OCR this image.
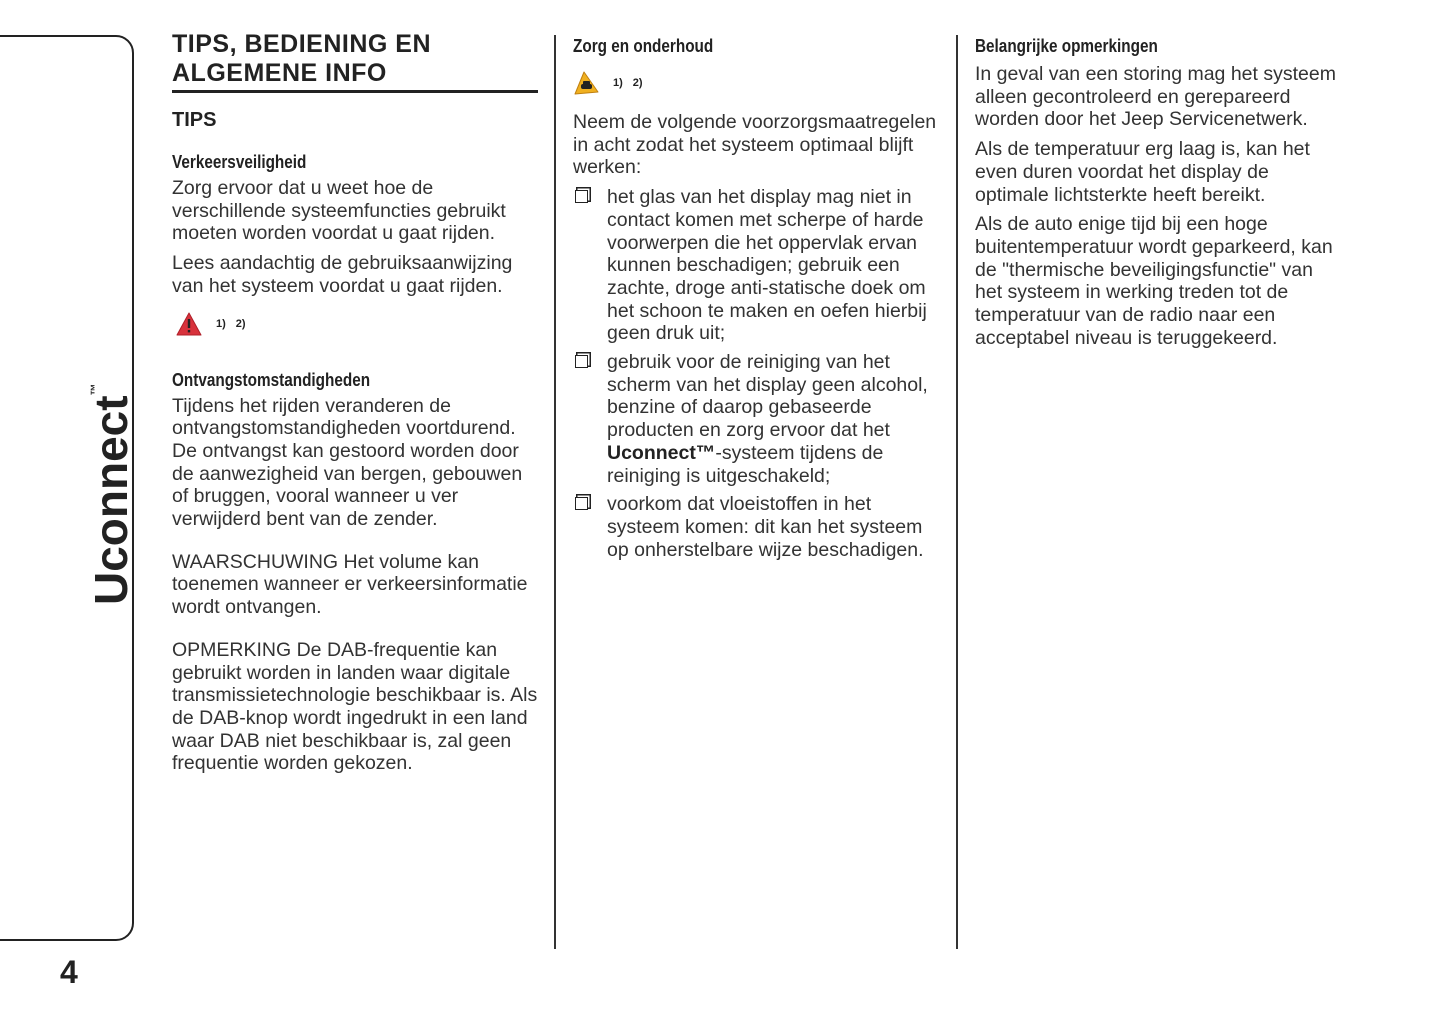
Uconnect™
4
TIPS, BEDIENING EN ALGEMENE INFO
TIPS
Verkeersveiligheid

Zorg ervoor dat u weet hoe de verschillende systeemfuncties gebruikt moeten worden voordat u gaat rijden.

Lees aandachtig de gebruiksaanwijzing van het systeem voordat u gaat rijden.

1) 2)
Ontvangstomstandigheden

Tijdens het rijden veranderen de ontvangstomstandigheden voortdurend. De ontvangst kan gestoord worden door de aanwezigheid van bergen, gebouwen of bruggen, vooral wanneer u ver verwijderd bent van de zender.

WAARSCHUWING Het volume kan toenemen wanneer er verkeersinformatie wordt ontvangen.

OPMERKING De DAB-frequentie kan gebruikt worden in landen waar digitale transmissietechnologie beschikbaar is. Als de DAB-knop wordt ingedrukt in een land waar DAB niet beschikbaar is, zal geen frequentie worden gekozen.

Zorg en onderhoud
1) 2)

Neem de volgende voorzorgsmaatregelen in acht zodat het systeem optimaal blijft werken:

het glas van het display mag niet in contact komen met scherpe of harde voorwerpen die het oppervlak ervan kunnen beschadigen; gebruik een zachte, droge anti-statische doek om het schoon te maken en oefen hierbij geen druk uit;

gebruik voor de reiniging van het scherm van het display geen alcohol, benzine of daarop gebaseerde producten en zorg ervoor dat het Uconnect™-systeem tijdens de reiniging is uitgeschakeld;

voorkom dat vloeistoffen in het systeem komen: dit kan het systeem op onherstelbare wijze beschadigen.

Belangrijke opmerkingen

In geval van een storing mag het systeem alleen gecontroleerd en gerepareerd worden door het Jeep Servicenetwerk.

Als de temperatuur erg laag is, kan het even duren voordat het display de optimale lichtsterkte heeft bereikt.

Als de auto enige tijd bij een hoge buitentemperatuur wordt geparkeerd, kan de "thermische beveiligingsfunctie" van het systeem in werking treden tot de temperatuur van de radio naar een acceptabel niveau is teruggekeerd.
